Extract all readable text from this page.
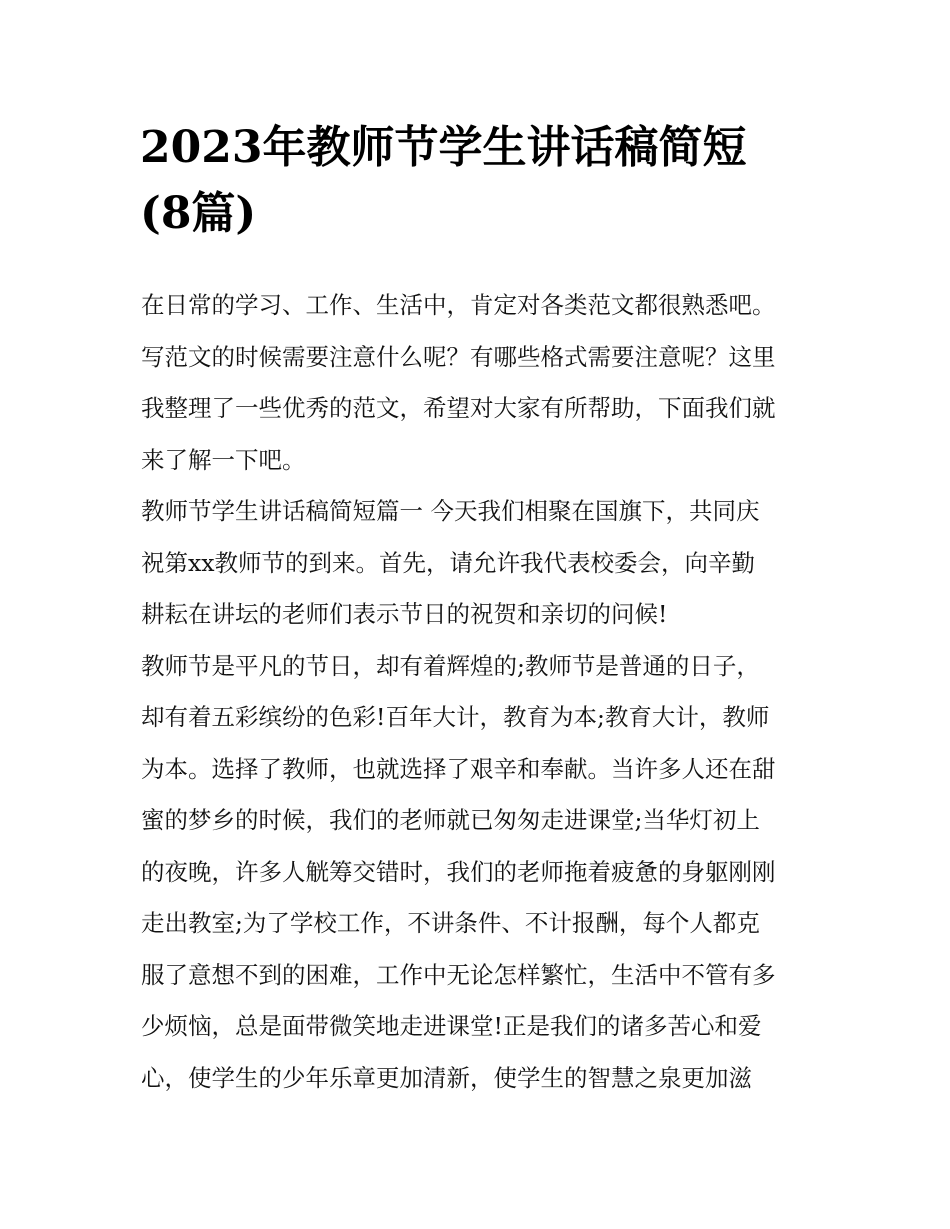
2023年教师节学生讲话稿简短
(8篇)
在日常的学习、工作、生活中，肯定对各类范文都很熟悉吧。
写范文的时候需要注意什么呢？有哪些格式需要注意呢？这里
我整理了一些优秀的范文，希望对大家有所帮助，下面我们就
来了解一下吧。
教师节学生讲话稿简短篇一 今天我们相聚在国旗下，共同庆
祝第xx教师节的到来。首先，请允许我代表校委会，向辛勤
耕耘在讲坛的老师们表示节日的祝贺和亲切的问候!
教师节是平凡的节日，却有着辉煌的;教师节是普通的日子，
却有着五彩缤纷的色彩!百年大计，教育为本;教育大计，教师
为本。选择了教师，也就选择了艰辛和奉献。当许多人还在甜
蜜的梦乡的时候，我们的老师就已匆匆走进课堂;当华灯初上
的夜晚，许多人觥筹交错时，我们的老师拖着疲惫的身躯刚刚
走出教室;为了学校工作，不讲条件、不计报酬，每个人都克
服了意想不到的困难，工作中无论怎样繁忙，生活中不管有多
少烦恼，总是面带微笑地走进课堂!正是我们的诸多苦心和爱
心，使学生的少年乐章更加清新，使学生的智慧之泉更加滋
